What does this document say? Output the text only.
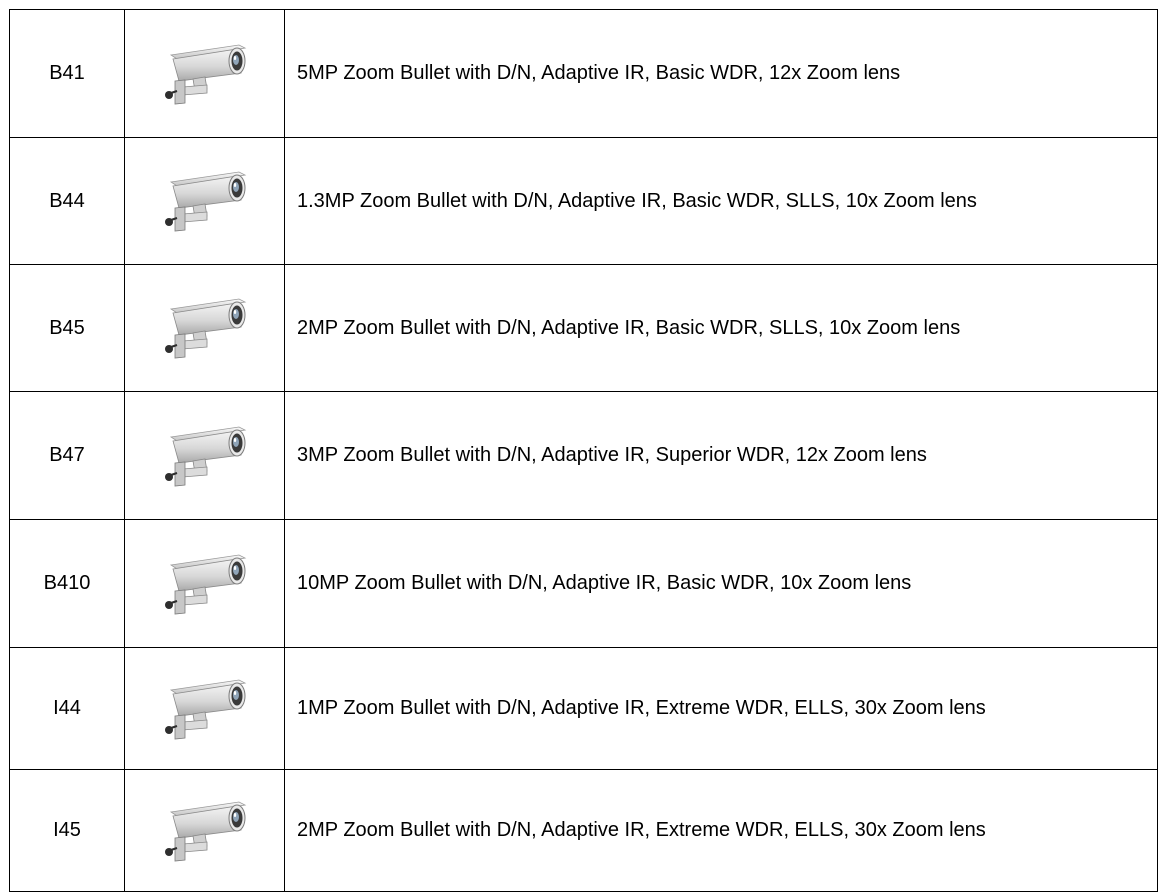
B41		5MP Zoom Bullet with D/N, Adaptive IR, Basic WDR, 12x Zoom lens
B44		1.3MP Zoom Bullet with D/N, Adaptive IR, Basic WDR, SLLS, 10x Zoom lens
B45		2MP Zoom Bullet with D/N, Adaptive IR, Basic WDR, SLLS, 10x Zoom lens
B47		3MP Zoom Bullet with D/N, Adaptive IR, Superior WDR, 12x Zoom lens
B410		10MP Zoom Bullet with D/N, Adaptive IR, Basic WDR, 10x Zoom lens
I44		1MP Zoom Bullet with D/N, Adaptive IR, Extreme WDR, ELLS, 30x Zoom lens
I45		2MP Zoom Bullet with D/N, Adaptive IR, Extreme WDR, ELLS, 30x Zoom lens
